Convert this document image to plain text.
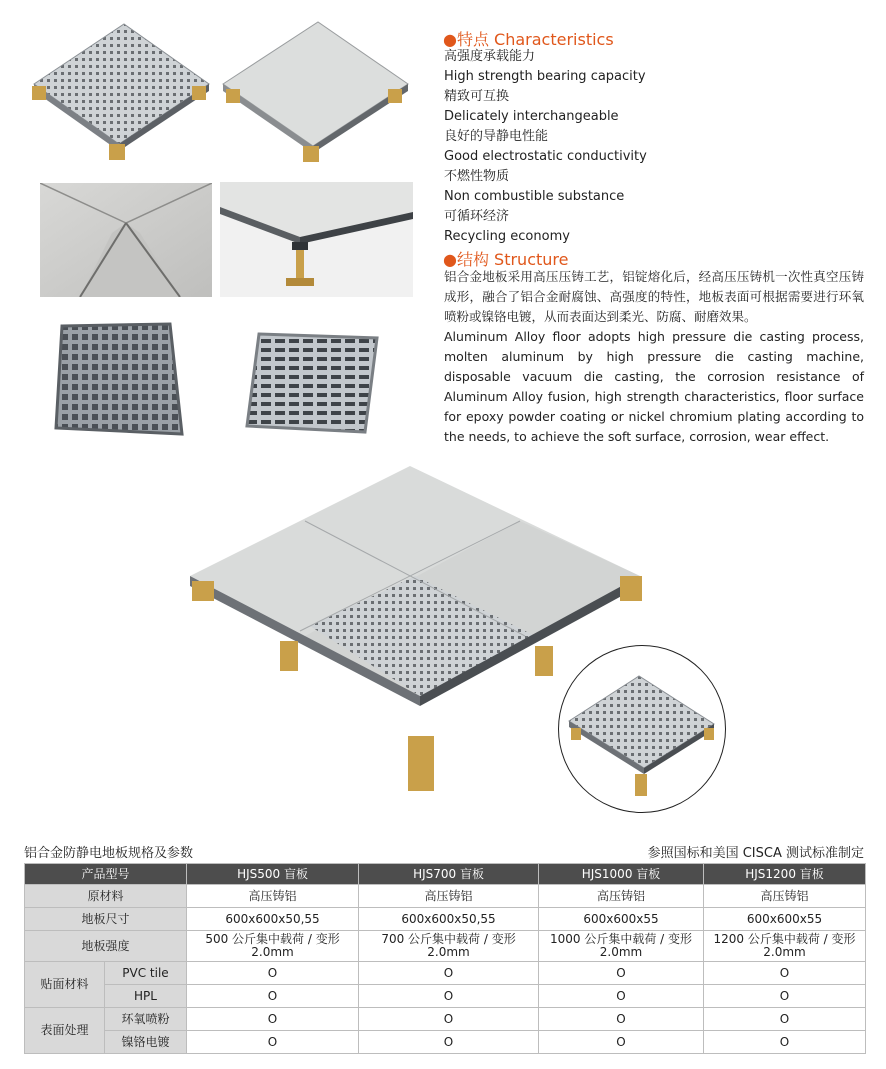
●特点 Characteristics
高强度承载能力
High strength bearing capacity
精致可互换
Delicately interchangeable
良好的导静电性能
Good electrostatic conductivity
不燃性物质
Non combustible substance
可循环经济
Recycling economy
●结构 Structure

铝合金地板采用高压压铸工艺，铝锭熔化后，经高压压铸机一次性真空压铸成形，融合了铝合金耐腐蚀、高强度的特性，地板表面可根据需要进行环氧喷粉或镍铬电镀，从而表面达到柔光、防腐、耐磨效果。

Aluminum Alloy floor adopts high pressure die casting process, molten aluminum by high pressure die casting machine, disposable vacuum die casting, the corrosion resistance of Aluminum Alloy fusion, high strength characteristics, floor surface for epoxy powder coating or nickel chromium plating according to the needs, to achieve the soft surface, corrosion, wear effect.

铝合金防静电地板规格及参数	参照国标和美国 CISCA 测试标准制定
产品型号		HJS500 盲板	HJS700 盲板	HJS1000 盲板	HJS1200 盲板
原材料		高压铸铝	高压铸铝	高压铸铝	高压铸铝
地板尺寸		600x600x50,55	600x600x50,55	600x600x55	600x600x55
地板强度		500 公斤集中载荷 / 变形 2.0mm	700 公斤集中载荷 / 变形 2.0mm	1000 公斤集中载荷 / 变形 2.0mm	1200 公斤集中载荷 / 变形 2.0mm
贴面材料	PVC tile	O	O	O	O
	HPL	O	O	O	O
表面处理	环氧喷粉	O	O	O	O
	镍铬电镀	O	O	O	O
